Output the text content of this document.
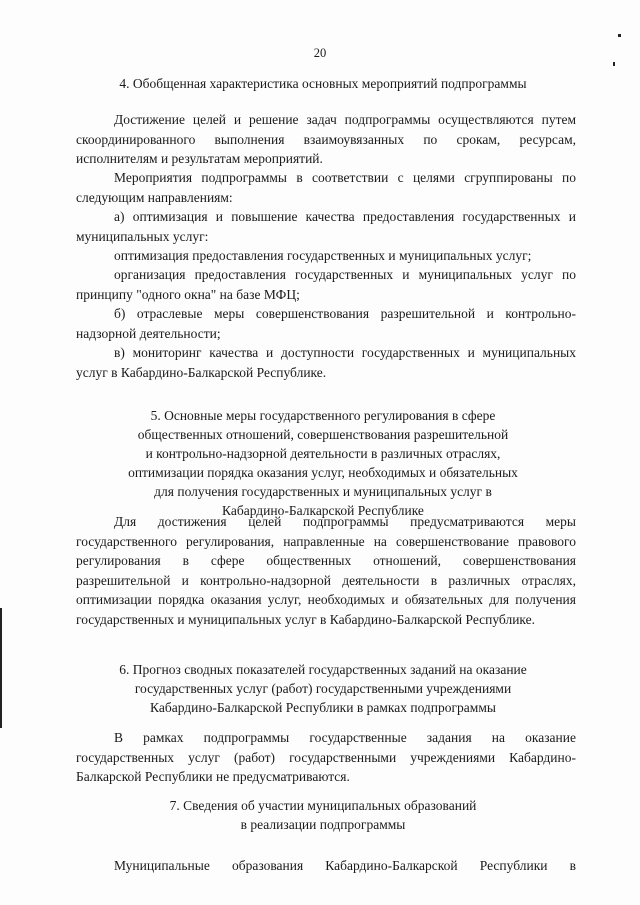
20
4. Обобщенная характеристика основных мероприятий подпрограммы

Достижение целей и решение задач подпрограммы осуществляются путем скоординированного выполнения взаимоувязанных по срокам, ресурсам, исполнителям и результатам мероприятий.

Мероприятия подпрограммы в соответствии с целями сгруппированы по следующим направлениям:

а) оптимизация и повышение качества предоставления государственных и муниципальных услуг:

оптимизация предоставления государственных и муниципальных услуг;

организация предоставления государственных и муниципальных услуг по принципу "одного окна" на базе МФЦ;

б) отраслевые меры совершенствования разрешительной и контрольно-надзорной деятельности;

в) мониторинг качества и доступности государственных и муниципальных услуг в Кабардино-Балкарской Республике.

5. Основные меры государственного регулирования в сфере
общественных отношений, совершенствования разрешительной
и контрольно-надзорной деятельности в различных отраслях,
оптимизации порядка оказания услуг, необходимых и обязательных
для получения государственных и муниципальных услуг в
Кабардино-Балкарской Республике

Для достижения целей подпрограммы предусматриваются меры государственного регулирования, направленные на совершенствование правового регулирования в сфере общественных отношений, совершенствования разрешительной и контрольно-надзорной деятельности в различных отраслях, оптимизации порядка оказания услуг, необходимых и обязательных для получения государственных и муниципальных услуг в Кабардино-Балкарской Республике.

6. Прогноз сводных показателей государственных заданий на оказание
государственных услуг (работ) государственными учреждениями
Кабардино-Балкарской Республики в рамках подпрограммы

В рамках подпрограммы государственные задания на оказание государственных услуг (работ) государственными учреждениями Кабардино-Балкарской Республики не предусматриваются.

7. Сведения об участии муниципальных образований
в реализации подпрограммы

Муниципальные образования Кабардино-Балкарской Республики в
